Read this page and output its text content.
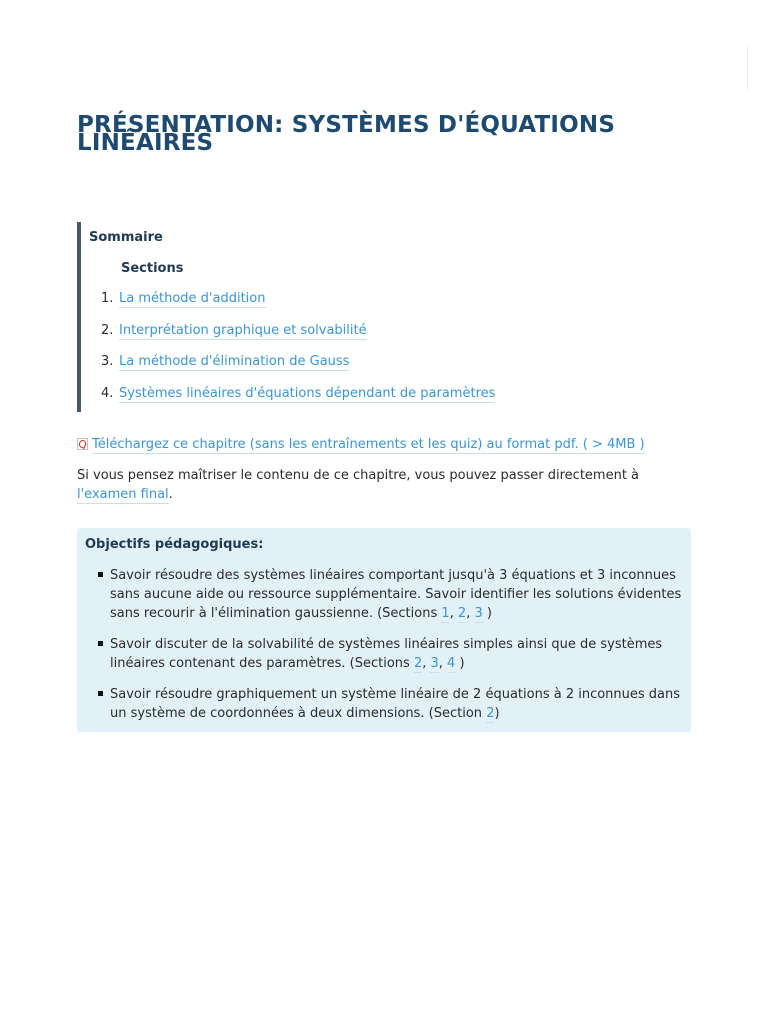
PRÉSENTATION: SYSTÈMES D'ÉQUATIONS LINÉAIRES
Sommaire
Sections
1. La méthode d'addition
2. Interprétation graphique et solvabilité
3. La méthode d'élimination de Gauss
4. Systèmes linéaires d'équations dépendant de paramètres
Téléchargez ce chapitre (sans les entraînements et les quiz) au format pdf. ( > 4MB )
Si vous pensez maîtriser le contenu de ce chapitre, vous pouvez passer directement à l'examen final.
Objectifs pédagogiques:
Savoir résoudre des systèmes linéaires comportant jusqu'à 3 équations et 3 inconnues sans aucune aide ou ressource supplémentaire. Savoir identifier les solutions évidentes sans recourir à l'élimination gaussienne. (Sections 1, 2, 3 )
Savoir discuter de la solvabilité de systèmes linéaires simples ainsi que de systèmes linéaires contenant des paramètres. (Sections 2, 3, 4 )
Savoir résoudre graphiquement un système linéaire de 2 équations à 2 inconnues dans un système de coordonnées à deux dimensions. (Section 2)
